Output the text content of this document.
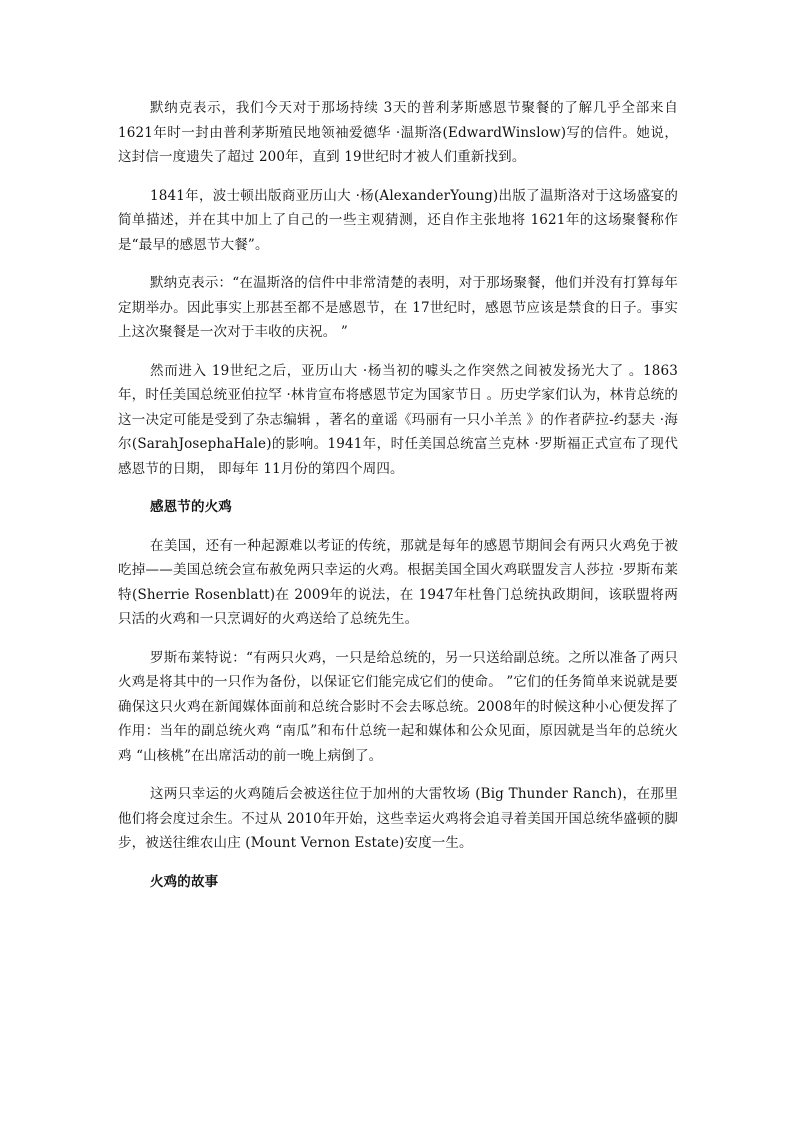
默纳克表示，我们今天对于那场持续 3天的普利茅斯感恩节聚餐的了解几乎全部来自 1621年时一封由普利茅斯殖民地领袖爱德华 ·温斯洛(EdwardWinslow)写的信件。她说，这封信一度遗失了超过 200年，直到 19世纪时才被人们重新找到。

1841年，波士顿出版商亚历山大 ·杨(AlexanderYoung)出版了温斯洛对于这场盛宴的简单描述，并在其中加上了自己的一些主观猜测，还自作主张地将 1621年的这场聚餐称作是“最早的感恩节大餐”。

默纳克表示：“在温斯洛的信件中非常清楚的表明，对于那场聚餐，他们并没有打算每年定期举办。因此事实上那甚至都不是感恩节，在 17世纪时，感恩节应该是禁食的日子。事实上这次聚餐是一次对于丰收的庆祝。 ”

然而进入 19世纪之后，亚历山大 ·杨当初的噱头之作突然之间被发扬光大了 。1863年，时任美国总统亚伯拉罕 ·林肯宣布将感恩节定为国家节日 。历史学家们认为，林肯总统的这一决定可能是受到了杂志编辑 ，著名的童谣《玛丽有一只小羊羔 》的作者萨拉-约瑟夫 ·海尔(SarahJosephaHale)的影响。1941年，时任美国总统富兰克林 ·罗斯福正式宣布了现代感恩节的日期， 即每年 11月份的第四个周四。

感恩节的火鸡

在美国，还有一种起源难以考证的传统，那就是每年的感恩节期间会有两只火鸡免于被吃掉——美国总统会宣布赦免两只幸运的火鸡。根据美国全国火鸡联盟发言人莎拉 ·罗斯布莱特(Sherrie Rosenblatt)在 2009年的说法，在 1947年杜鲁门总统执政期间，该联盟将两只活的火鸡和一只烹调好的火鸡送给了总统先生。

罗斯布莱特说：“有两只火鸡，一只是给总统的，另一只送给副总统。之所以准备了两只火鸡是将其中的一只作为备份，以保证它们能完成它们的使命。 ”它们的任务简单来说就是要确保这只火鸡在新闻媒体面前和总统合影时不会去啄总统。2008年的时候这种小心便发挥了作用：当年的副总统火鸡 “南瓜”和布什总统一起和媒体和公众见面，原因就是当年的总统火鸡 “山核桃”在出席活动的前一晚上病倒了。

这两只幸运的火鸡随后会被送往位于加州的大雷牧场 (Big Thunder Ranch)，在那里他们将会度过余生。不过从 2010年开始，这些幸运火鸡将会追寻着美国开国总统华盛顿的脚步，被送往维农山庄 (Mount Vernon Estate)安度一生。

火鸡的故事
